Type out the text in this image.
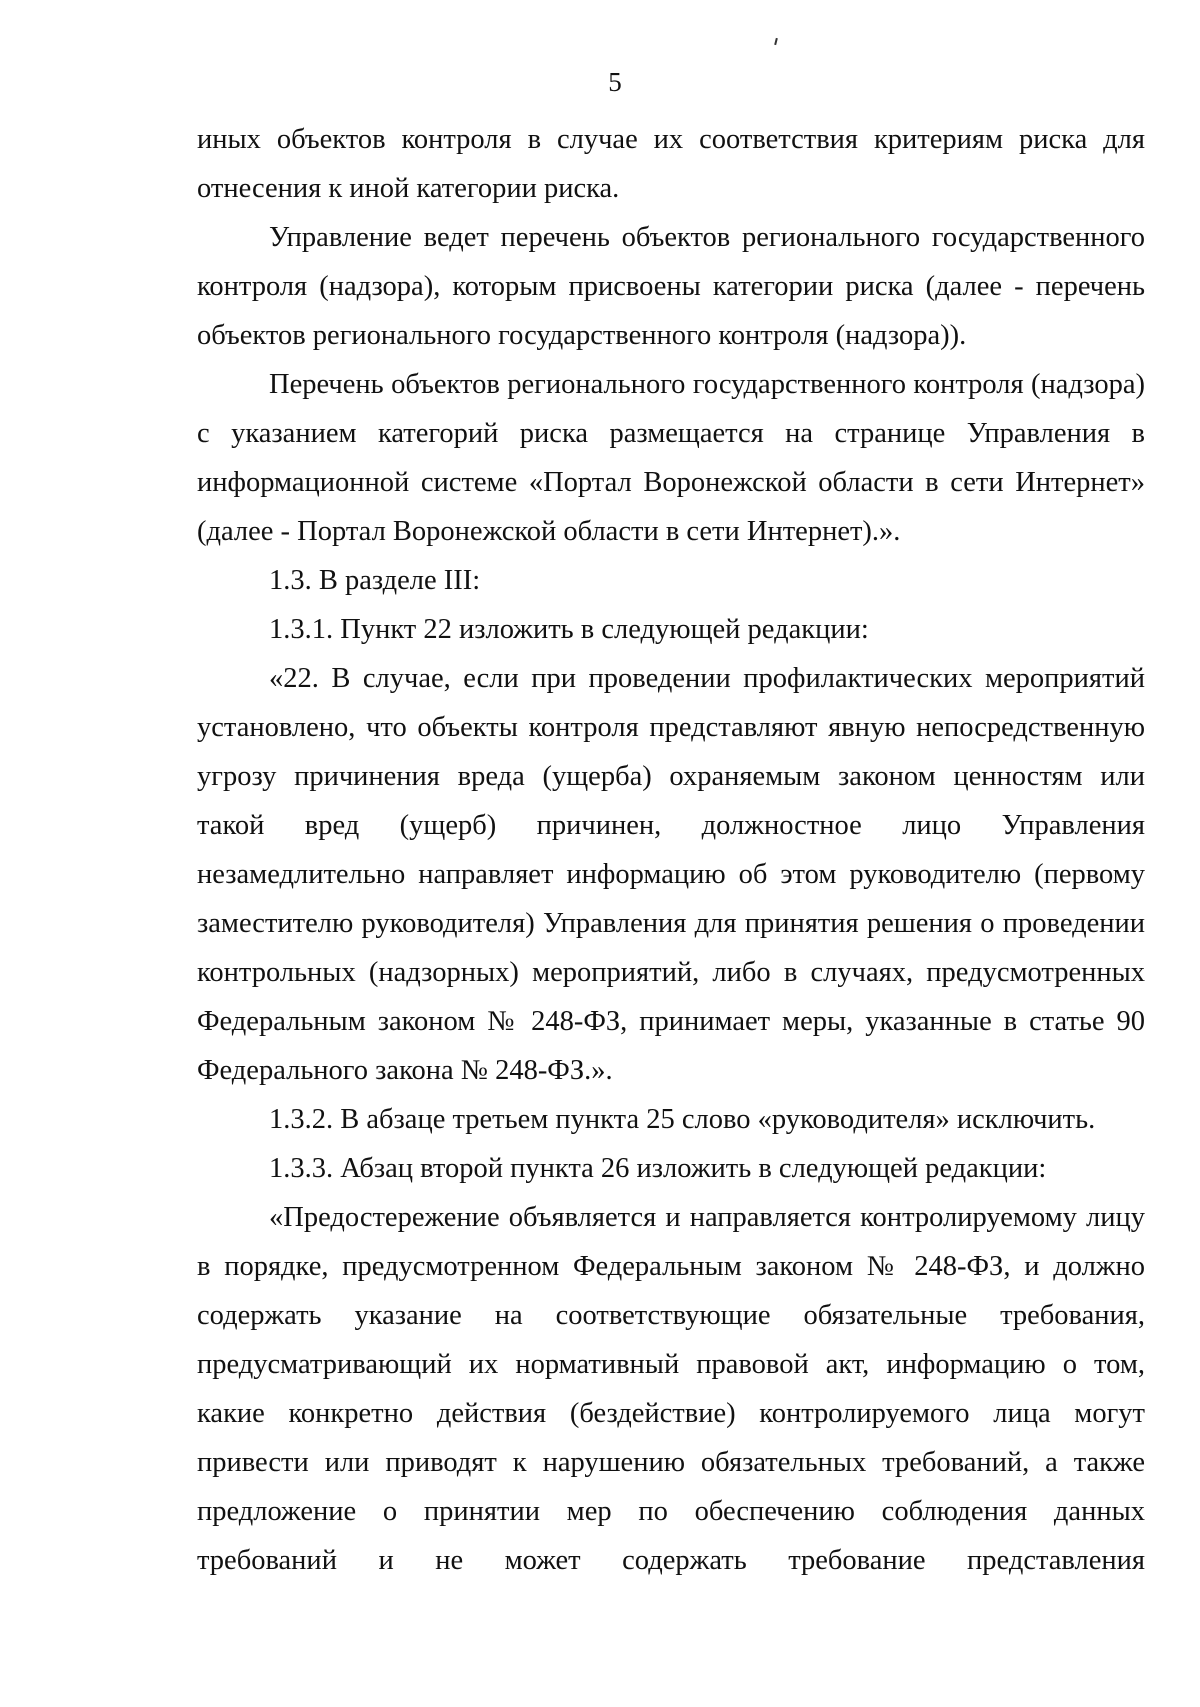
5

иных объектов контроля в случае их соответствия критериям риска для отнесения к иной категории риска.

Управление ведет перечень объектов регионального государственного контроля (надзора), которым присвоены категории риска (далее - перечень объектов регионального государственного контроля (надзора)).

Перечень объектов регионального государственного контроля (надзора) с указанием категорий риска размещается на странице Управления в информационной системе «Портал Воронежской области в сети Интернет» (далее - Портал Воронежской области в сети Интернет).».

1.3. В разделе III:

1.3.1. Пункт 22 изложить в следующей редакции:

«22. В случае, если при проведении профилактических мероприятий установлено, что объекты контроля представляют явную непосредственную угрозу причинения вреда (ущерба) охраняемым законом ценностям или такой вред (ущерб) причинен, должностное лицо Управления незамедлительно направляет информацию об этом руководителю (первому заместителю руководителя) Управления для принятия решения о проведении контрольных (надзорных) мероприятий, либо в случаях, предусмотренных Федеральным законом № 248-ФЗ, принимает меры, указанные в статье 90 Федерального закона № 248-ФЗ.».

1.3.2. В абзаце третьем пункта 25 слово «руководителя» исключить.

1.3.3. Абзац второй пункта 26 изложить в следующей редакции:

«Предостережение объявляется и направляется контролируемому лицу в порядке, предусмотренном Федеральным законом № 248-ФЗ, и должно содержать указание на соответствующие обязательные требования, предусматривающий их нормативный правовой акт, информацию о том, какие конкретно действия (бездействие) контролируемого лица могут привести или приводят к нарушению обязательных требований, а также предложение о принятии мер по обеспечению соблюдения данных требований и не может содержать требование представления
